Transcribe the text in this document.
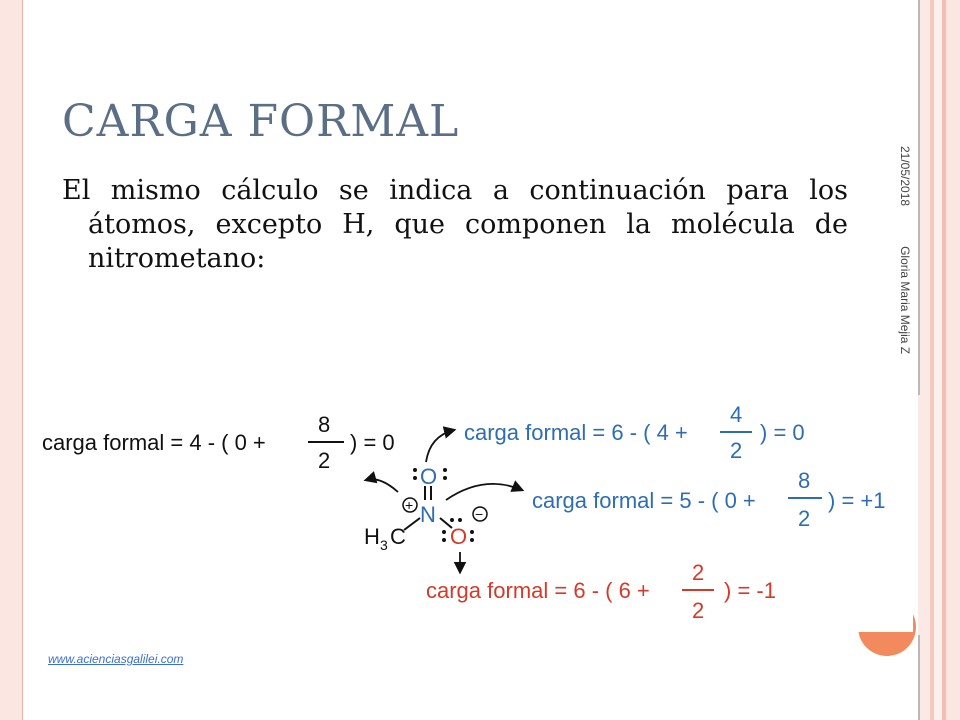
CARGA FORMAL

El mismo cálculo se indica a continuación para los átomos, excepto H, que componen la molécula de nitrometano:

21/05/2018Gloria Maria Mejia Z
carga formal = 4 - ( 0 +
8
2
) = 0	carga formal = 6 - ( 4 +
4
2
) = 0
carga formal = 5 - ( 0 +
8
2
) = +1
carga formal = 6 - ( 6 +
2
2
) = -1
H 3 C
N
+
O
O
−
www.acienciasgalilei.com
